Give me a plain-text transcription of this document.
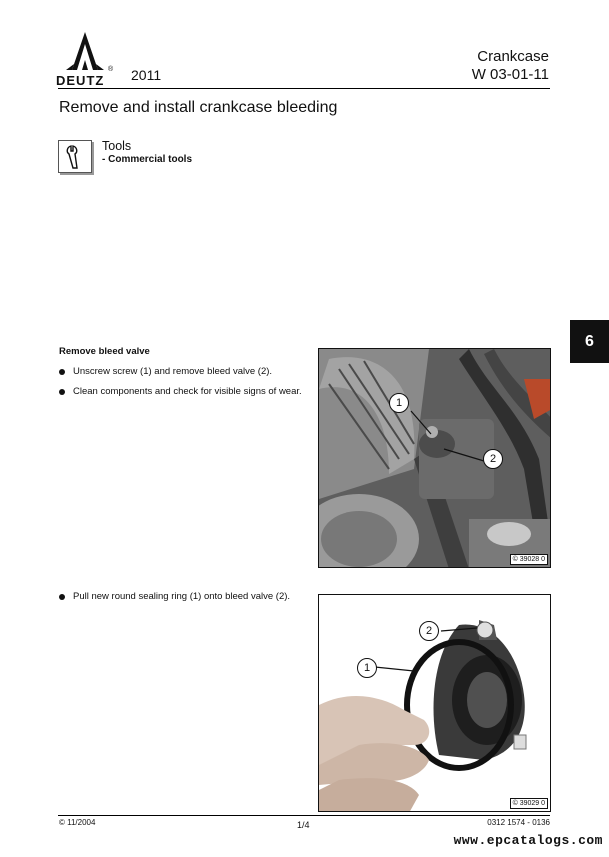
®
DEUTZ 2011
Crankcase
W 03-01-11
Remove and install crankcase bleeding
Tools
- Commercial tools
6
Remove bleed valve
Unscrew screw (1) and remove bleed valve (2).
Clean components and check for visible signs of wear.
Pull new round sealing ring (1) onto bleed valve (2).
1
2
© 39028 0
2
1
© 39029 0
© 11/2004	1/4	0312 1574 - 0136
www.epcatalogs.com
